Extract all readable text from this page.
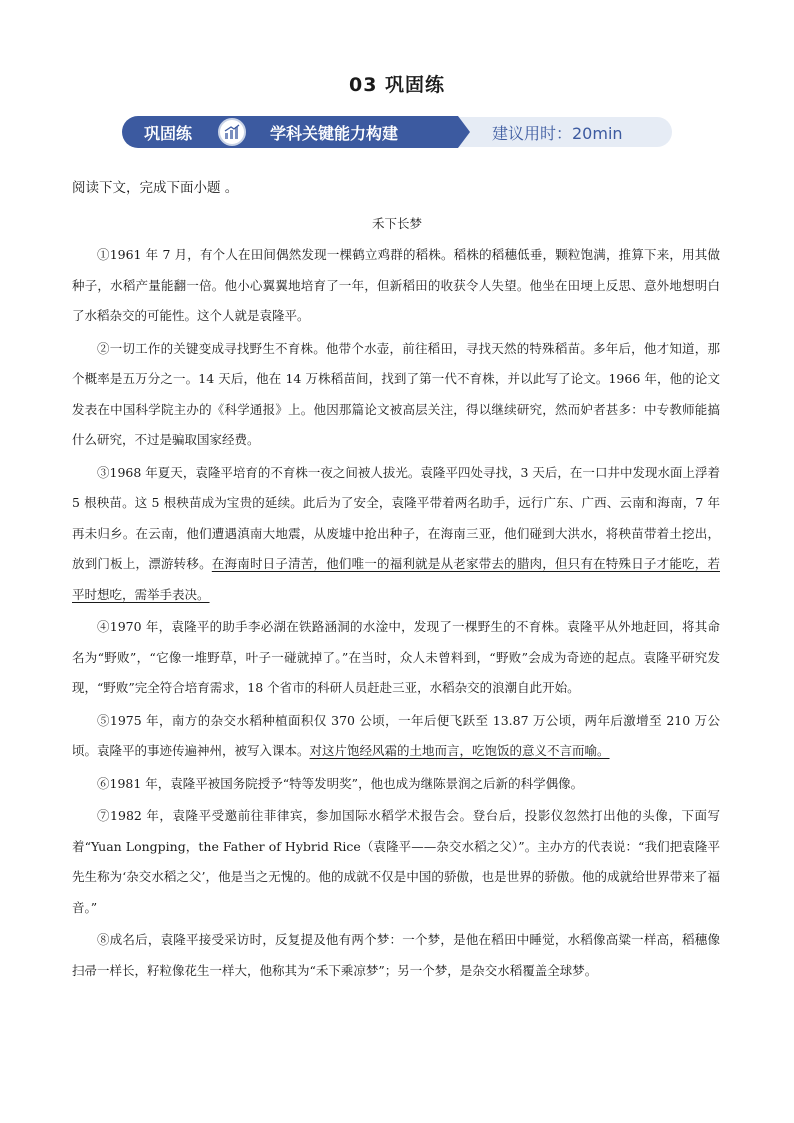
03 巩固练
巩固练	学科关键能力构建	建议用时：20min
阅读下文，完成下面小题 。
禾下长梦

①1961 年 7 月，有个人在田间偶然发现一棵鹤立鸡群的稻株。稻株的稻穗低垂，颗粒饱满，推算下来，用其做种子，水稻产量能翻一倍。他小心翼翼地培育了一年，但新稻田的收获令人失望。他坐在田埂上反思、意外地想明白了水稻杂交的可能性。这个人就是袁隆平。

②一切工作的关键变成寻找野生不育株。他带个水壶，前往稻田，寻找天然的特殊稻苗。多年后，他才知道，那个概率是五万分之一。14 天后，他在 14 万株稻苗间，找到了第一代不育株，并以此写了论文。1966 年，他的论文发表在中国科学院主办的《科学通报》上。他因那篇论文被高层关注，得以继续研究，然而妒者甚多：中专教师能搞什么研究，不过是骗取国家经费。

③1968 年夏天，袁隆平培育的不育株一夜之间被人拔光。袁隆平四处寻找，3 天后，在一口井中发现水面上浮着 5 根秧苗。这 5 根秧苗成为宝贵的延续。此后为了安全，袁隆平带着两名助手，远行广东、广西、云南和海南，7 年再未归乡。在云南，他们遭遇滇南大地震，从废墟中抢出种子，在海南三亚，他们碰到大洪水，将秧苗带着土挖出，放到门板上，漂游转移。在海南时日子清苦，他们唯一的福利就是从老家带去的腊肉，但只有在特殊日子才能吃，若平时想吃，需举手表决。

④1970 年，袁隆平的助手李必湖在铁路涵洞的水淦中，发现了一棵野生的不育株。袁隆平从外地赶回，将其命名为“野败”，“它像一堆野草，叶子一碰就掉了。”在当时，众人未曾料到，“野败”会成为奇迹的起点。袁隆平研究发现，“野败”完全符合培育需求，18 个省市的科研人员赶赴三亚，水稻杂交的浪潮自此开始。

⑤1975 年，南方的杂交水稻种植面积仅 370 公顷，一年后便飞跃至 13.87 万公顷，两年后激增至 210 万公顷。袁隆平的事迹传遍神州，被写入课本。对这片饱经风霜的土地而言，吃饱饭的意义不言而喻。

⑥1981 年，袁隆平被国务院授予“特等发明奖”，他也成为继陈景润之后新的科学偶像。

⑦1982 年，袁隆平受邀前往菲律宾，参加国际水稻学术报告会。登台后，投影仪忽然打出他的头像，下面写着“Yuan Longping，the Father of Hybrid Rice（袁隆平——杂交水稻之父）”。主办方的代表说：“我们把袁隆平先生称为‘杂交水稻之父’，他是当之无愧的。他的成就不仅是中国的骄傲，也是世界的骄傲。他的成就给世界带来了福音。”

⑧成名后，袁隆平接受采访时，反复提及他有两个梦：一个梦，是他在稻田中睡觉，水稻像高粱一样高，稻穗像扫帚一样长，籽粒像花生一样大，他称其为“禾下乘凉梦”；另一个梦，是杂交水稻覆盖全球梦。
